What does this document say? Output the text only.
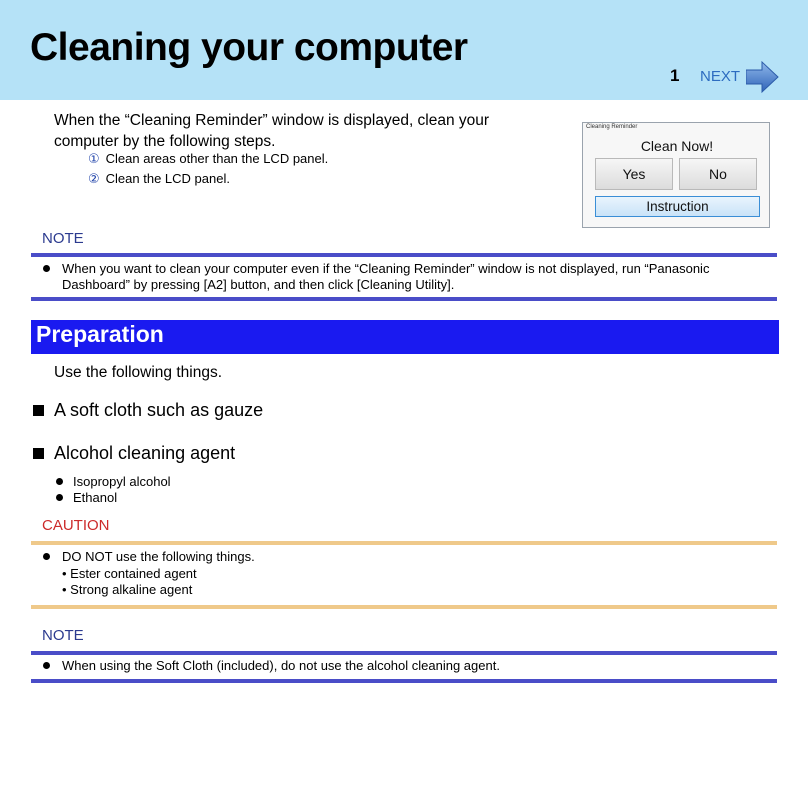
Cleaning your computer
1 NEXT
When the “Cleaning Reminder” window is displayed, clean your computer by the following steps.
① Clean areas other than the LCD panel.
② Clean the LCD panel.
Cleaning Reminder
Clean Now!
Yes	No
Instruction
NOTE
When you want to clean your computer even if the “Cleaning Reminder” window is not displayed, run “Panasonic Dashboard” by pressing [A2] button, and then click [Cleaning Utility].
Preparation
Use the following things.
A soft cloth such as gauze
Alcohol cleaning agent
Isopropyl alcohol
Ethanol
CAUTION
DO NOT use the following things.
• Ester contained agent
• Strong alkaline agent
NOTE
When using the Soft Cloth (included), do not use the alcohol cleaning agent.
